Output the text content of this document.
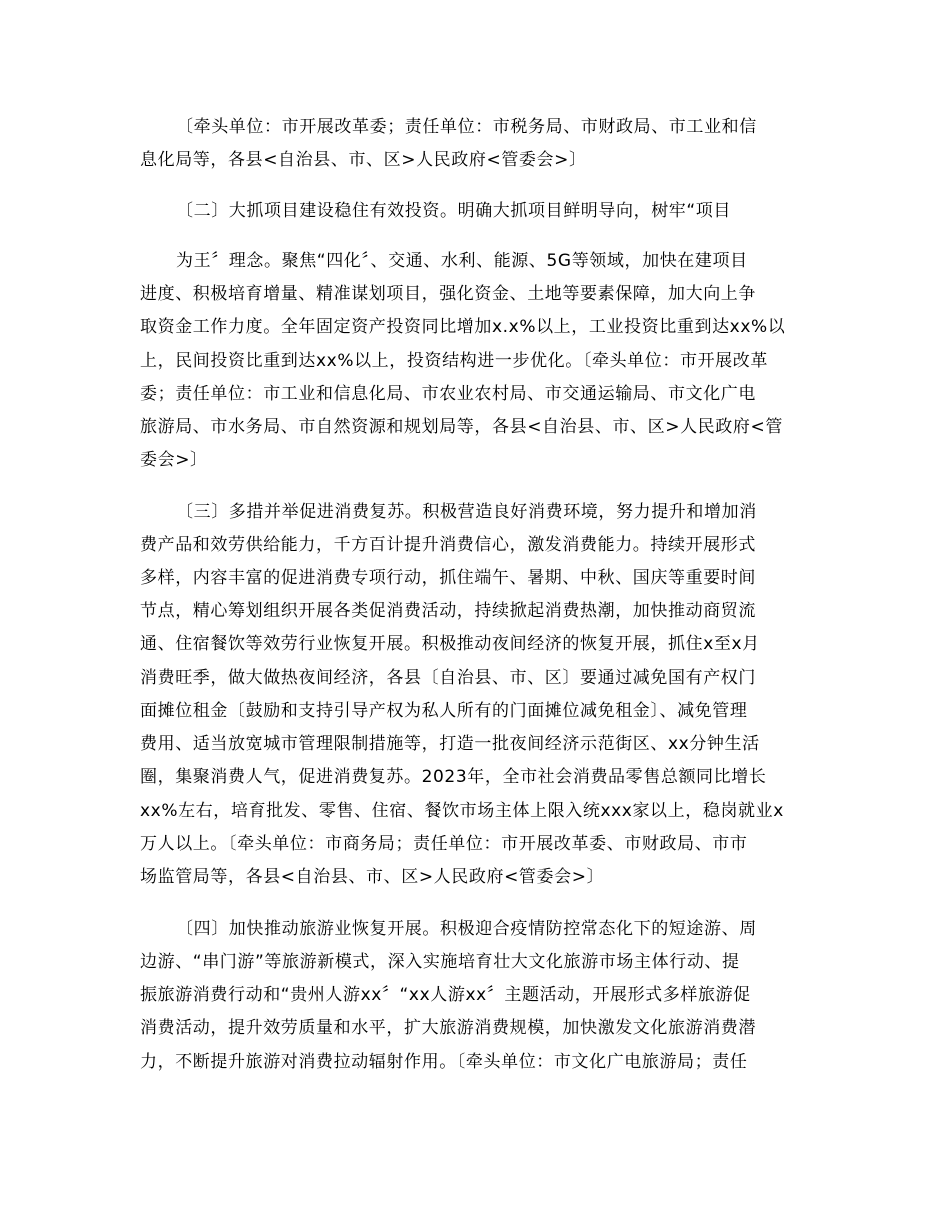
〔牵头单位：市开展改革委；责任单位：市税务局、市财政局、市工业和信
息化局等，各县<自治县、市、区>人民政府<管委会>〕
〔二〕大抓项目建设稳住有效投资。明确大抓项目鲜明导向，树牢“项目
为王〞理念。聚焦“四化〞、交通、水利、能源、5G等领域，加快在建项目
进度、积极培育增量、精准谋划项目，强化资金、土地等要素保障，加大向上争
取资金工作力度。全年固定资产投资同比增加x.x%以上，工业投资比重到达xx%以
上，民间投资比重到达xx%以上，投资结构进一步优化。〔牵头单位：市开展改革
委；责任单位：市工业和信息化局、市农业农村局、市交通运输局、市文化广电
旅游局、市水务局、市自然资源和规划局等，各县<自治县、市、区>人民政府<管
委会>〕
〔三〕多措并举促进消费复苏。积极营造良好消费环境，努力提升和增加消
费产品和效劳供给能力，千方百计提升消费信心，激发消费能力。持续开展形式
多样，内容丰富的促进消费专项行动，抓住端午、暑期、中秋、国庆等重要时间
节点，精心筹划组织开展各类促消费活动，持续掀起消费热潮，加快推动商贸流
通、住宿餐饮等效劳行业恢复开展。积极推动夜间经济的恢复开展，抓住x至x月
消费旺季，做大做热夜间经济，各县〔自治县、市、区〕要通过减免国有产权门
面摊位租金〔鼓励和支持引导产权为私人所有的门面摊位减免租金〕、减免管理
费用、适当放宽城市管理限制措施等，打造一批夜间经济示范街区、xx分钟生活
圈，集聚消费人气，促进消费复苏。2023年，全市社会消费品零售总额同比增长
xx%左右，培育批发、零售、住宿、餐饮市场主体上限入统xxx家以上，稳岗就业x
万人以上。〔牵头单位：市商务局；责任单位：市开展改革委、市财政局、市市
场监管局等，各县<自治县、市、区>人民政府<管委会>〕
〔四〕加快推动旅游业恢复开展。积极迎合疫情防控常态化下的短途游、周
边游、“串门游”等旅游新模式，深入实施培育壮大文化旅游市场主体行动、提
振旅游消费行动和“贵州人游xx〞“xx人游xx〞主题活动，开展形式多样旅游促
消费活动，提升效劳质量和水平，扩大旅游消费规模，加快激发文化旅游消费潜
力，不断提升旅游对消费拉动辐射作用。〔牵头单位：市文化广电旅游局；责任
